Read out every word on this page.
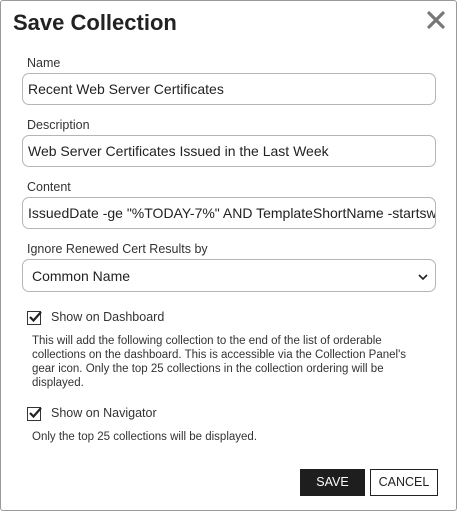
Save Collection
Name
Recent Web Server Certificates
Description
Web Server Certificates Issued in the Last Week
Content
IssuedDate -ge "%TODAY-7%" AND TemplateShortName -startswith
Ignore Renewed Cert Results by
Common Name
Show on Dashboard
This will add the following collection to the end of the list of orderable collections on the dashboard. This is accessible via the Collection Panel's gear icon. Only the top 25 collections in the collection ordering will be displayed.
Show on Navigator
Only the top 25 collections will be displayed.
SAVE	CANCEL
